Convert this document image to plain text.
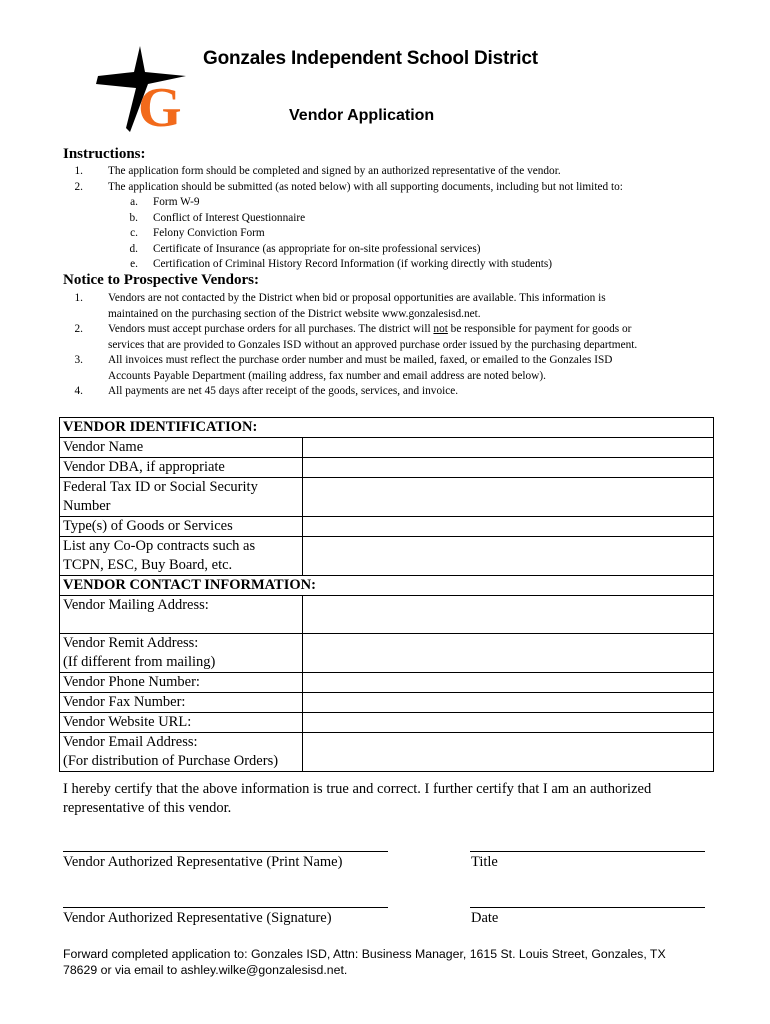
G
Gonzales Independent School District
Vendor Application
Instructions:
1. The application form should be completed and signed by an authorized representative of the vendor.
2. The application should be submitted (as noted below) with all supporting documents, including but not limited to:
a. Form W-9
b. Conflict of Interest Questionnaire
c. Felony Conviction Form
d. Certificate of Insurance (as appropriate for on-site professional services)
e. Certification of Criminal History Record Information (if working directly with students)
Notice to Prospective Vendors:
1. Vendors are not contacted by the District when bid or proposal opportunities are available. This information is
maintained on the purchasing section of the District website www.gonzalesisd.net.
2. Vendors must accept purchase orders for all purchases. The district will not be responsible for payment for goods or
services that are provided to Gonzales ISD without an approved purchase order issued by the purchasing department.
3. All invoices must reflect the purchase order number and must be mailed, faxed, or emailed to the Gonzales ISD
Accounts Payable Department (mailing address, fax number and email address are noted below).
4. All payments are net 45 days after receipt of the goods, services, and invoice.
VENDOR IDENTIFICATION:	
Vendor Name	
Vendor DBA, if appropriate	
Federal Tax ID or Social Security
Number	
Type(s) of Goods or Services	
List any Co-Op contracts such as
TCPN, ESC, Buy Board, etc.	
VENDOR CONTACT INFORMATION:	
Vendor Mailing Address:	
Vendor Remit Address:
(If different from mailing)	
Vendor Phone Number:	
Vendor Fax Number:	
Vendor Website URL:	
Vendor Email Address:
(For distribution of Purchase Orders)	
I hereby certify that the above information is true and correct. I further certify that I am an authorized
representative of this vendor.
Vendor Authorized Representative (Print Name)	Title
Vendor Authorized Representative (Signature)	Date
Forward completed application to: Gonzales ISD, Attn: Business Manager, 1615 St. Louis Street, Gonzales, TX
78629 or via email to ashley.wilke@gonzalesisd.net.
